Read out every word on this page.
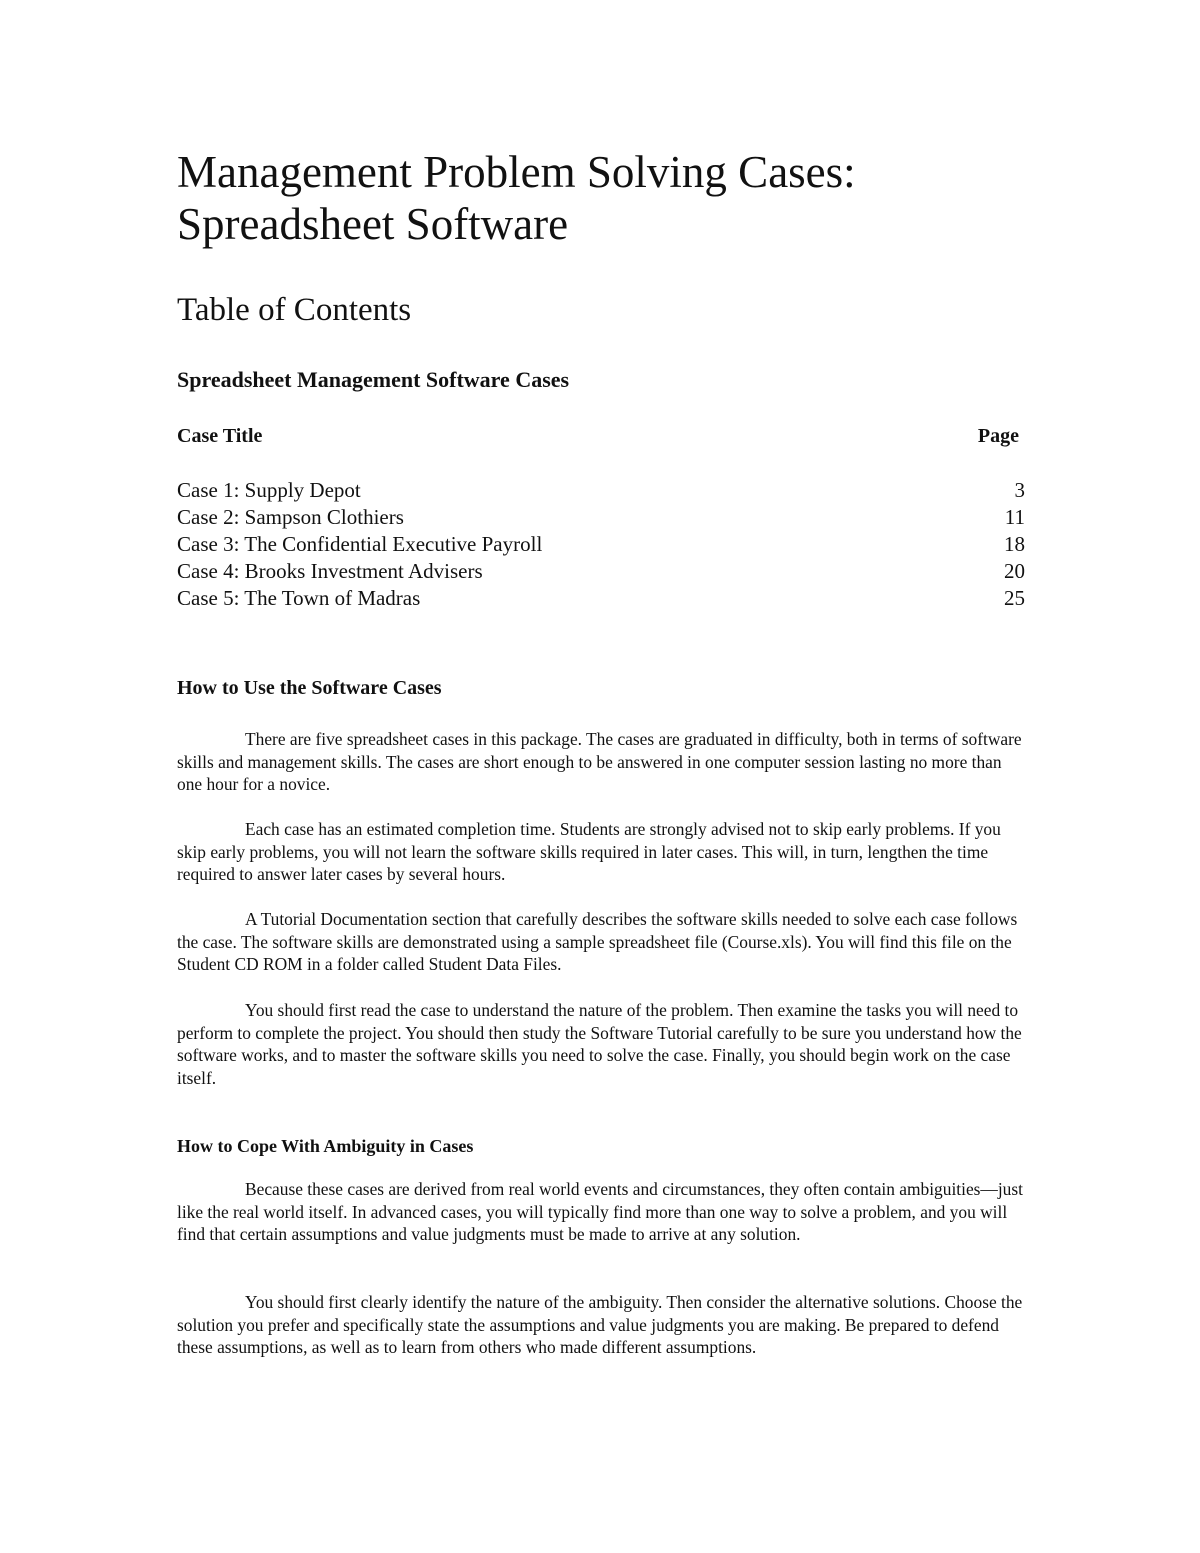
Management Problem Solving Cases:
Spreadsheet Software
Table of Contents
Spreadsheet Management Software Cases
Case Title	Page
Case 1: Supply Depot	3
Case 2: Sampson Clothiers	11
Case 3: The Confidential Executive Payroll	18
Case 4: Brooks Investment Advisers	20
Case 5: The Town of Madras	25
How to Use the Software Cases

There are five spreadsheet cases in this package. The cases are graduated in difficulty, both in terms of software skills and management skills. The cases are short enough to be answered in one computer session lasting no more than one hour for a novice.

Each case has an estimated completion time. Students are strongly advised not to skip early problems. If you skip early problems, you will not learn the software skills required in later cases. This will, in turn, lengthen the time required to answer later cases by several hours.

A Tutorial Documentation section that carefully describes the software skills needed to solve each case follows the case. The software skills are demonstrated using a sample spreadsheet file (Course.xls). You will find this file on the Student CD ROM in a folder called Student Data Files.

You should first read the case to understand the nature of the problem. Then examine the tasks you will need to perform to complete the project. You should then study the Software Tutorial carefully to be sure you understand how the software works, and to master the software skills you need to solve the case. Finally, you should begin work on the case itself.

How to Cope With Ambiguity in Cases

Because these cases are derived from real world events and circumstances, they often contain ambiguities—just like the real world itself. In advanced cases, you will typically find more than one way to solve a problem, and you will find that certain assumptions and value judgments must be made to arrive at any solution.

You should first clearly identify the nature of the ambiguity. Then consider the alternative solutions. Choose the solution you prefer and specifically state the assumptions and value judgments you are making. Be prepared to defend these assumptions, as well as to learn from others who made different assumptions.
